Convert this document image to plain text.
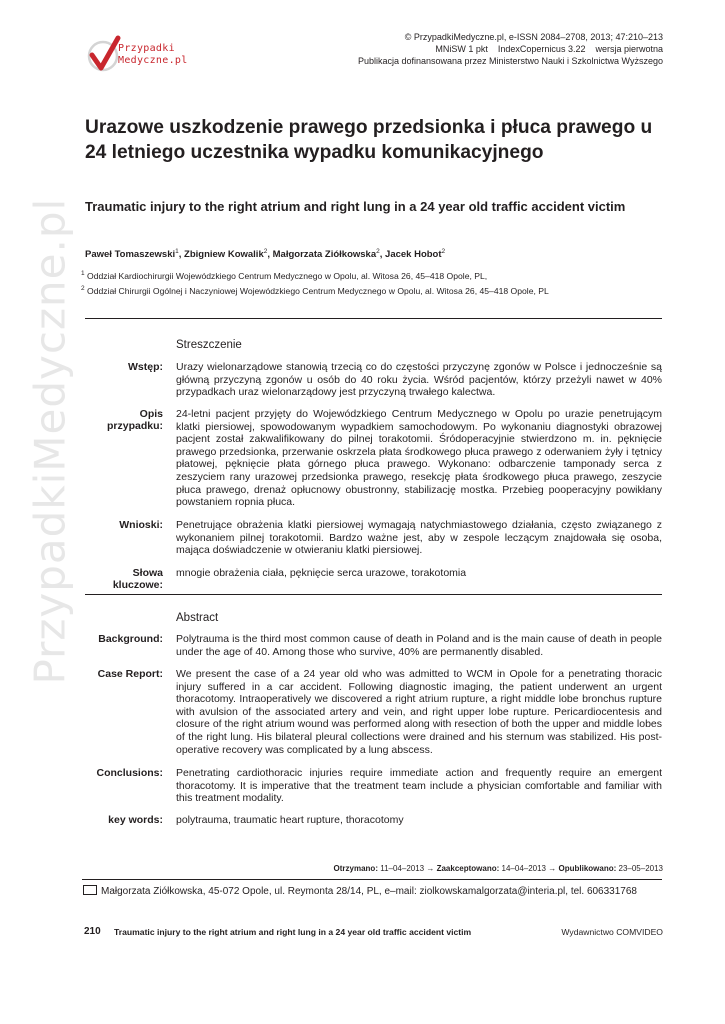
PrzypadkiMedyczne.pl
Przypadki
Medyczne.pl
© PrzypadkiMedyczne.pl, e-ISSN 2084–2708, 2013; 47:210–213
MNiSW 1 pkt    IndexCopernicus 3.22    wersja pierwotna
Publikacja dofinansowana przez Ministerstwo Nauki i Szkolnictwa Wyższego
Urazowe uszkodzenie prawego przedsionka i płuca prawego u 24 letniego uczestnika wypadku komunikacyjnego
Traumatic injury to the right atrium and right lung in a 24 year old traffic accident victim
Paweł Tomaszewski$^1$, Zbigniew Kowalik$^2$, Małgorzata Ziółkowska$^2$, Jacek Hobot$^2$
$^1$ Oddział Kardiochirurgii Wojewódzkiego Centrum Medycznego w Opolu, al. Witosa 26, 45–418 Opole, PL,
$^2$ Oddział Chirurgii Ogólnej i Naczyniowej Wojewódzkiego Centrum Medycznego w Opolu, al. Witosa 26, 45–418 Opole, PL
Streszczenie
Wstęp: Urazy wielonarządowe stanowią trzecią co do częstości przyczynę zgonów w Polsce i jednocześnie są główną przyczyną zgonów u osób do 40 roku życia. Wśród pacjentów, którzy przeżyli nawet w 40% przypadkach uraz wielonarządowy jest przyczyną trwałego kalectwa.
Opis przypadku:
24-letni pacjent przyjęty do Wojewódzkiego Centrum Medycznego w Opolu po urazie penetrującym klatki piersiowej, spowodowanym wypadkiem samochodowym. Po wykonaniu diagnostyki obrazowej pacjent został zakwalifikowany do pilnej torakotomii. Śródoperacyjnie stwierdzono m. in. pęknięcie prawego przedsionka, przerwanie oskrzela płata środkowego płuca prawego z oderwaniem żyły i tętnicy płatowej, pęknięcie płata górnego płuca prawego. Wykonano: odbarczenie tamponady serca z zeszyciem rany urazowej przedsionka prawego, resekcję płata środkowego płuca prawego, zeszycie płuca prawego, drenaż opłucnowy obustronny, stabilizację mostka. Przebieg pooperacyjny powikłany powstaniem ropnia płuca.
Wnioski: Penetrujące obrażenia klatki piersiowej wymagają natychmiastowego działania, często związanego z wykonaniem pilnej torakotomii. Bardzo ważne jest, aby w zespole leczącym znajdowała się osoba, mająca doświadczenie w otwieraniu klatki piersiowej.
Słowa kluczowe:
mnogie obrażenia ciała, pęknięcie serca urazowe, torakotomia
Abstract
Background: Polytrauma is the third most common cause of death in Poland and is the main cause of death in people under the age of 40. Among those who survive, 40% are permanently disabled.
Case Report: We present the case of a 24 year old who was admitted to WCM in Opole for a penetrating thoracic injury suffered in a car accident. Following diagnostic imaging, the patient underwent an urgent thoracotomy. Intraoperatively we discovered a right atrium rupture, a right middle lobe bronchus rupture with avulsion of the associated artery and vein, and right upper lobe rupture. Pericardiocentesis and closure of the right atrium wound was performed along with resection of both the upper and middle lobes of the right lung. His bilateral pleural collections were drained and his sternum was stabilized. His post-operative recovery was complicated by a lung abscess.
Conclusions: Penetrating cardiothoracic injuries require immediate action and frequently require an emergent thoracotomy. It is imperative that the treatment team include a physician comfortable and familiar with this treatment modality.
key words: polytrauma, traumatic heart rupture, thoracotomy
Otrzymano: 11–04–2013 → Zaakceptowano: 14–04–2013 → Opublikowano: 23–05–2013
Małgorzata Ziółkowska, 45-072 Opole, ul. Reymonta 28/14, PL, e–mail: ziolkowskamalgorzata@interia.pl, tel. 606331768
210 Traumatic injury to the right atrium and right lung in a 24 year old traffic accident victim	Wydawnictwo COMVIDEO
